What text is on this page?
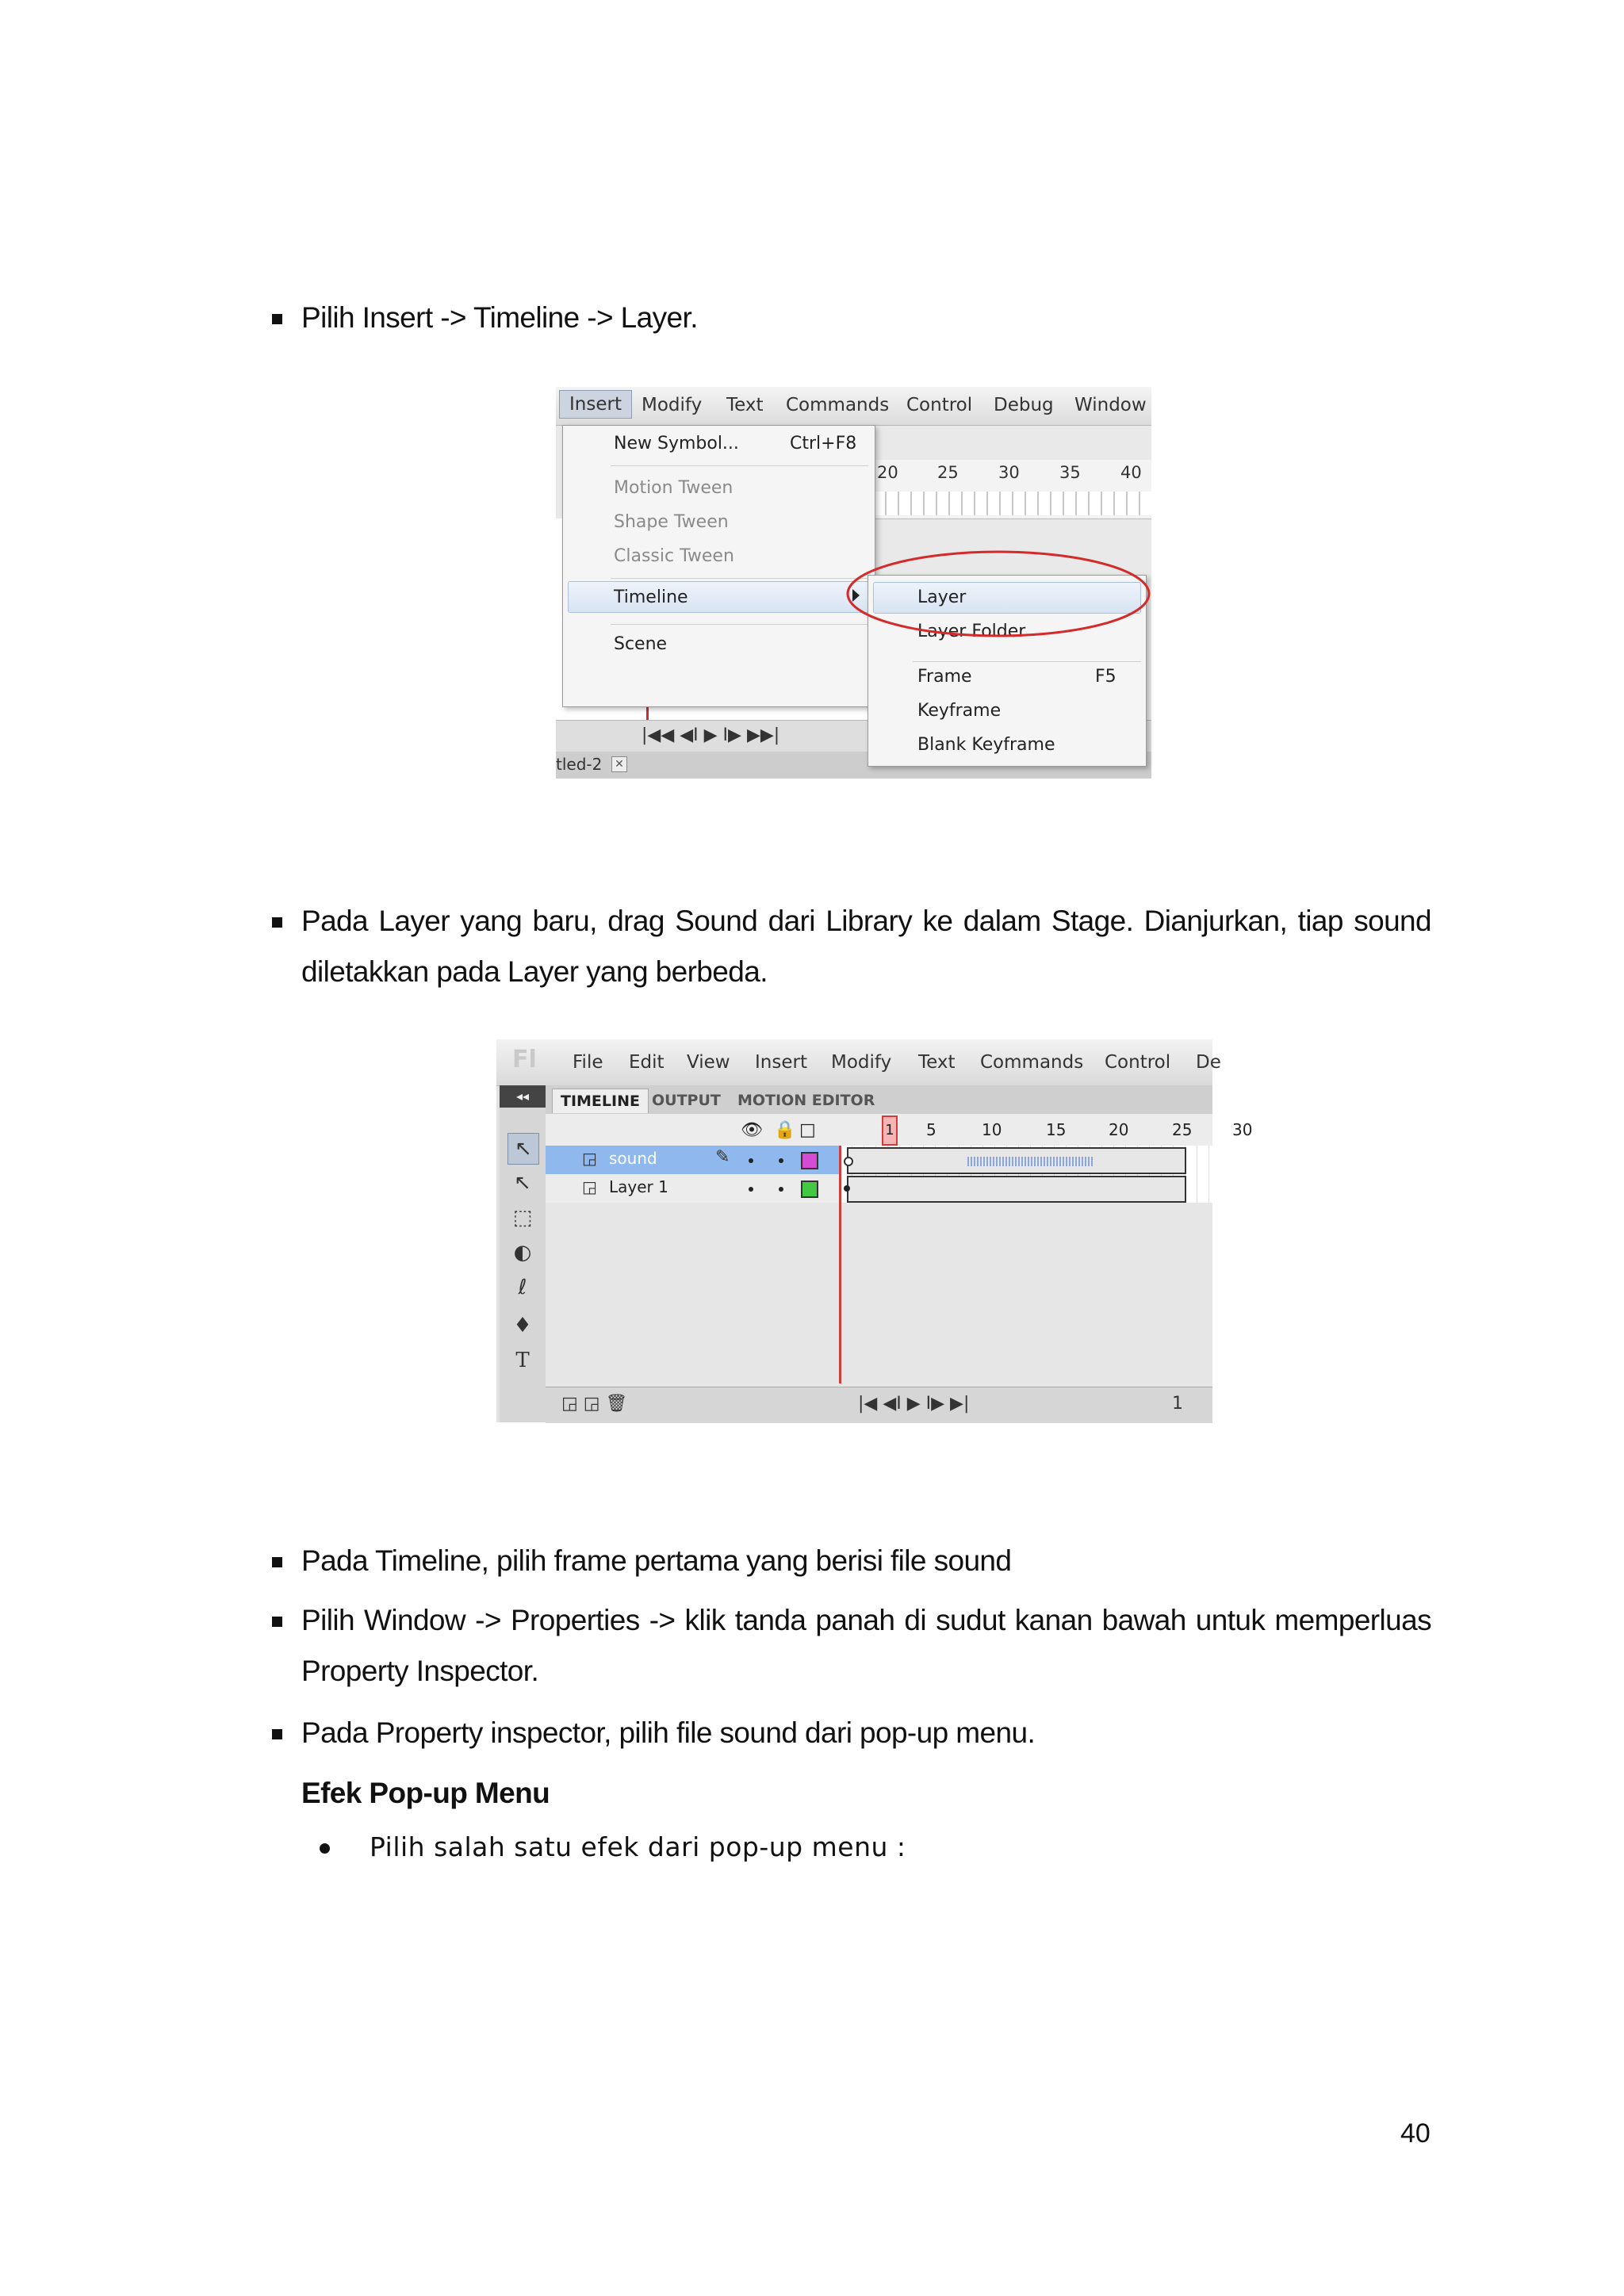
Pilih Insert -> Timeline -> Layer.
Insert	Modify Text Commands Control Debug Window
20 25 30 35 40
|◀◀ ◀I ▶ I▶ ▶▶|
tled-2 ✕
New Symbol...	Ctrl+F8
Motion Tween
Shape Tween
Classic Tween
Timeline
Scene
Layer
Layer Folder
Frame	F5
Keyframe
Blank Keyframe
Pada Layer yang baru, drag Sound dari Library ke dalam Stage. Dianjurkan, tiap sound diletakkan pada Layer yang berbeda.
Fl File Edit View Insert Modify Text Commands Control De
◂◂
↖
↖
⬚
◐
ℓ
♦
T
TIMELINE OUTPUT	MOTION EDITOR
👁 🔒 □	1 5	10	15	20	25	30
◲ sound	✎
◲ Layer 1
◲ ◲ 🗑	|◀ ◀I ▶ I▶ ▶|	1
Pada Timeline, pilih frame pertama yang berisi file sound
Pilih Window -> Properties -> klik tanda panah di sudut kanan bawah untuk memperluas Property Inspector.
Pada Property inspector, pilih file sound dari pop-up menu.
Efek Pop-up Menu
Pilih salah satu efek dari pop-up menu :
40
